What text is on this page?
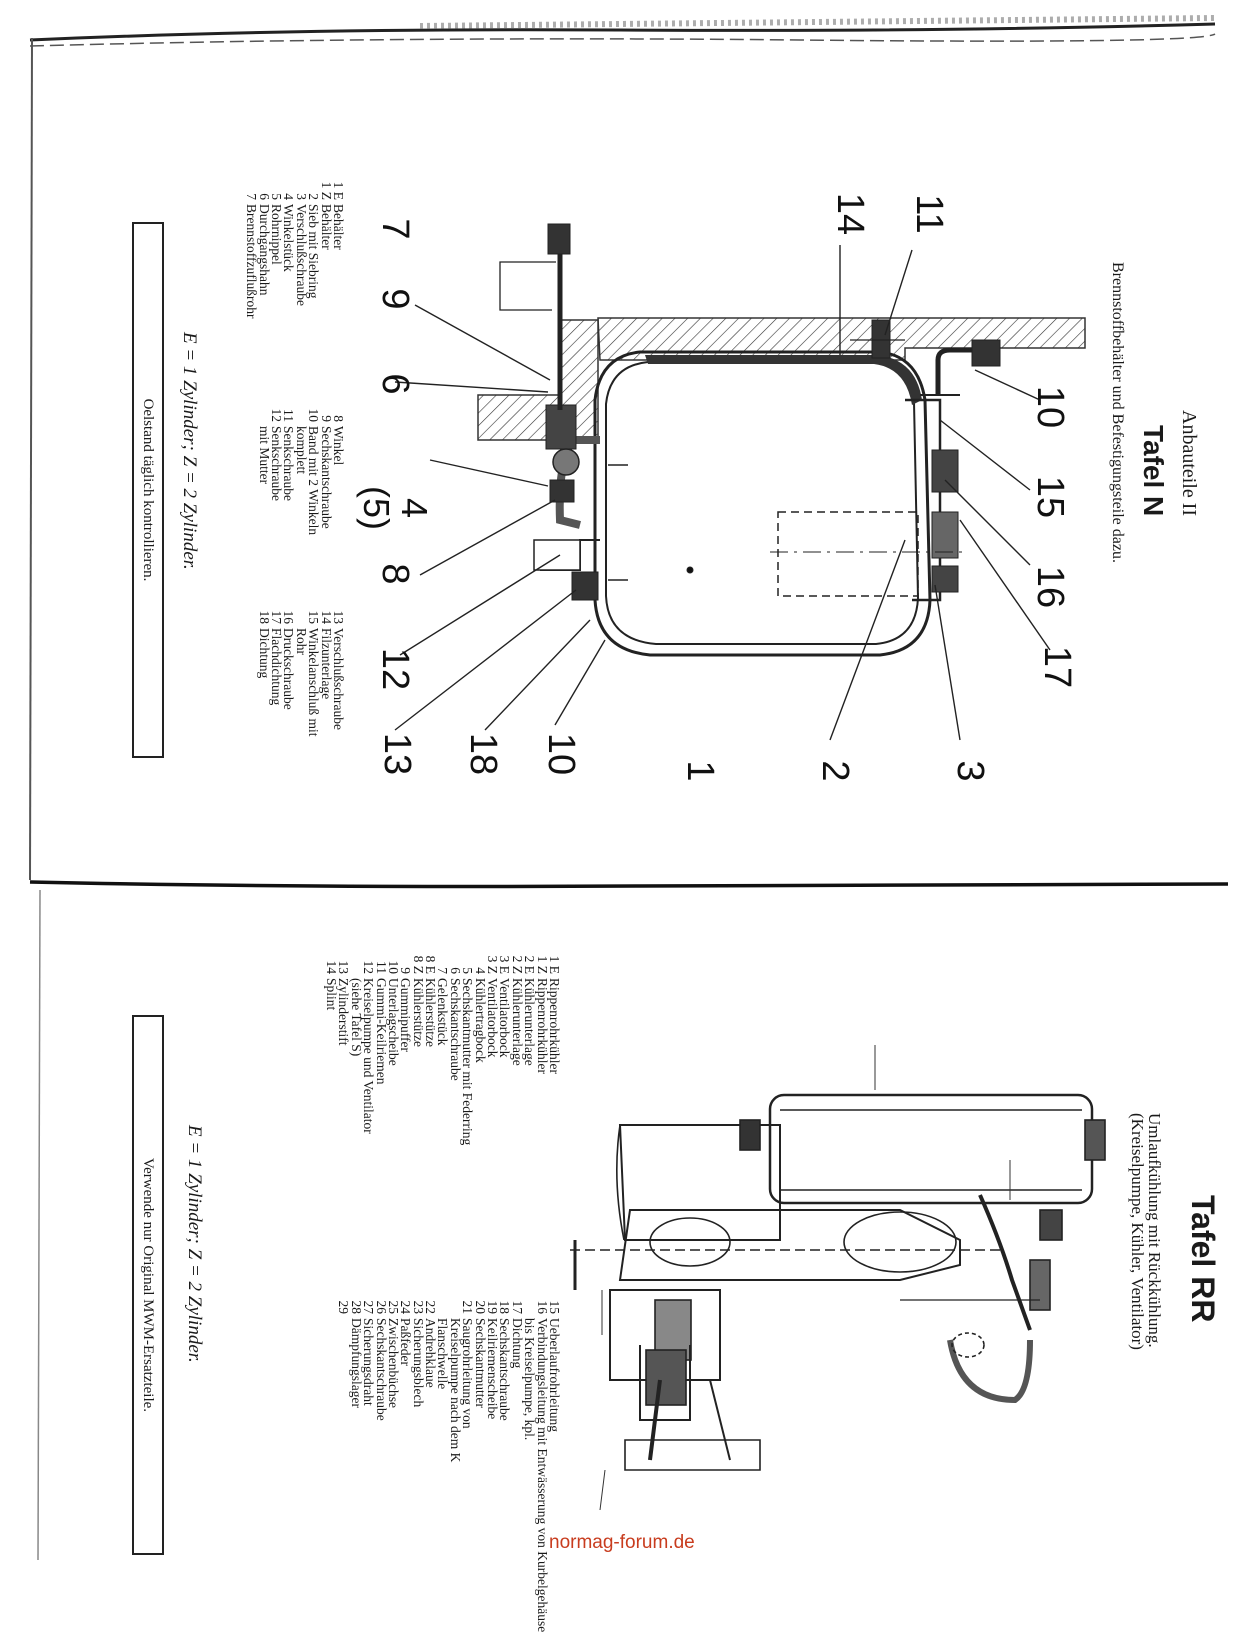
Anbauteile II
Tafel N
Brennstoffbehälter und Befestigungsteile dazu.
11
14
7
9
6
4 (5)
8
10
15
16
17
12
13 18 10	1 2 3
1 EBehälter
1 ZBehälter
2Sieb mit Siebring
3Verschlußschraube
4Winkelstück
5Rohrnippel
6Durchgangshahn
7Brennstoffzuflußrohr
8Winkel
9Sechskantschraube
10Band mit 2 Winkeln
komplett
11Senkschraube
12Senkschraube
mit Mutter
13Verschlußschraube
14Filzunterlage
15Winkelanschluß mit
Rohr
16Druckschraube
17Flachdichtung
18Dichtung
E = 1 Zylinder; Z = 2 Zylinder.
Oelstand täglich kontrollieren.
Tafel RR
Umlaufkühlung mit Rückkühlung.
(Kreiselpumpe, Kühler, Ventilator)
1 ERippenrohrkühler
1 ZRippenrohrkühler
2 EKühlerunterlage
2 ZKühlerunterlage
3 EVentilatorbock
3 ZVentilatorbock
4Kühlertragbock
5Sechskantmutter mit Federring
6Sechskantschraube
7Gelenkstück
8 EKühlerstütze
8 ZKühlerstütze
9Gummipuffer
10Unterlagscheibe
11Gummi-Keilriemen
12Kreiselpumpe und Ventilator
(siehe Tafel S)
13Zylinderstift
14Splint
15Ueberlaufrohrleitung
16Verbindungsleitung mit Entwässerung von Kurbelgehäuse
bis Kreiselpumpe, kpl.
17Dichtung
18Sechskantschraube
19Keilriemenscheibe
20Sechskantmutter
21Saugrohrleitung von
Kreiselpumpe nach dem K
Flanschwelle
22Andrehklaue
23Sicherungsblech
24Paßfeder
25Zwischenbüchse
26Sechskantschraube
27Sicherungsdraht
28Dämpfungslager
29
E = 1 Zylinder; Z = 2 Zylinder.
Verwende nur Original MWM-Ersatzteile.
normag-forum.de
